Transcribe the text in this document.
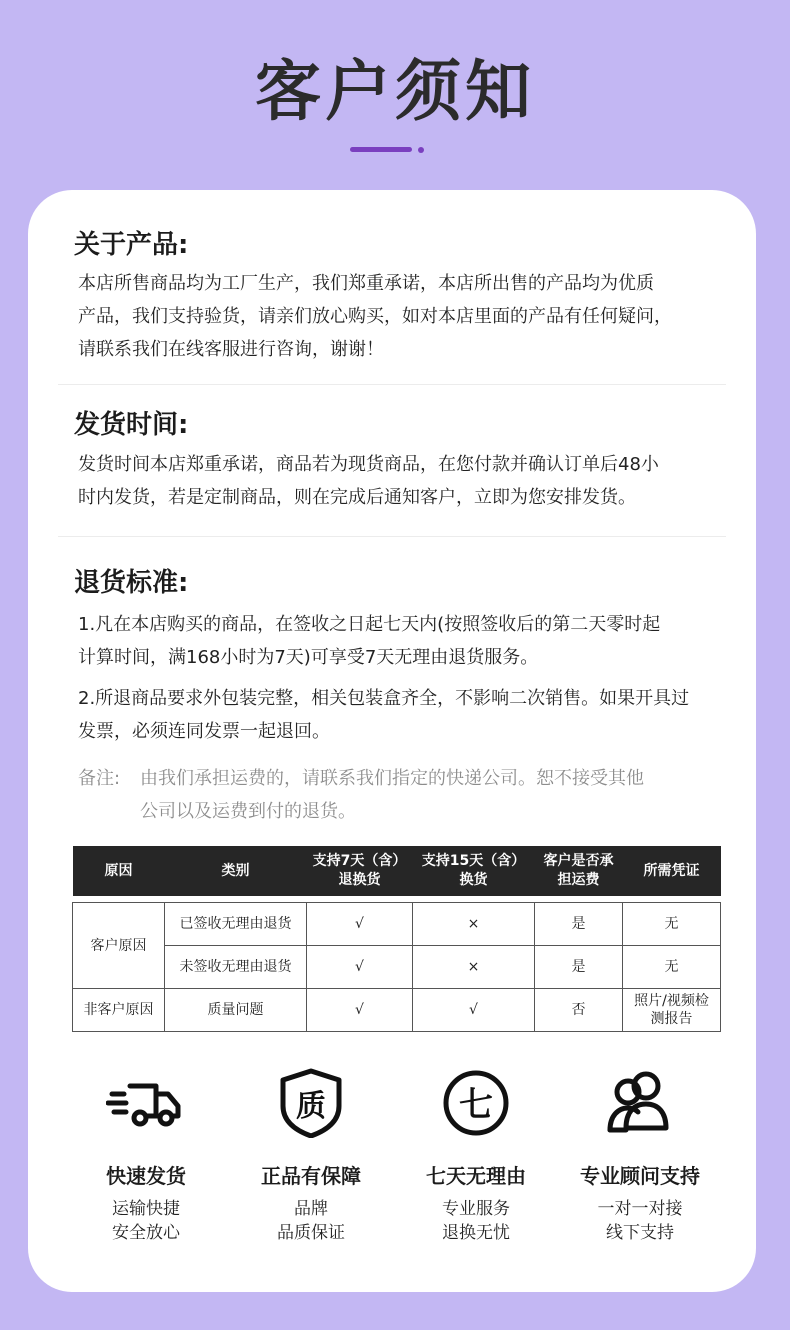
客户须知
关于产品:
本店所售商品均为工厂生产，我们郑重承诺，本店所出售的产品均为优质
产品，我们支持验货，请亲们放心购买，如对本店里面的产品有任何疑问，
请联系我们在线客服进行咨询，谢谢！
发货时间:
发货时间本店郑重承诺，商品若为现货商品，在您付款并确认订单后48小
时内发货，若是定制商品，则在完成后通知客户，立即为您安排发货。
退货标准:
1.凡在本店购买的商品，在签收之日起七天内(按照签收后的第二天零时起
计算时间，满168小时为7天)可享受7天无理由退货服务。
2.所退商品要求外包装完整，相关包装盒齐全，不影响二次销售。如果开具过
发票，必须连同发票一起退回。
备注:	由我们承担运费的，请联系我们指定的快递公司。恕不接受其他
公司以及运费到付的退货。
原因	类别	支持7天（含）退换货	支持15天（含）换货	客户是否承担运费	所需凭证

客户原因	已签收无理由退货	√	×	是	无
	未签收无理由退货	√	×	是	无
非客户原因	质量问题	√	√	否	照片/视频检测报告
快速发货
运输快捷
安全放心
质
正品有保障
品牌
品质保证
七
七天无理由
专业服务
退换无忧
专业顾问支持
一对一对接
线下支持
